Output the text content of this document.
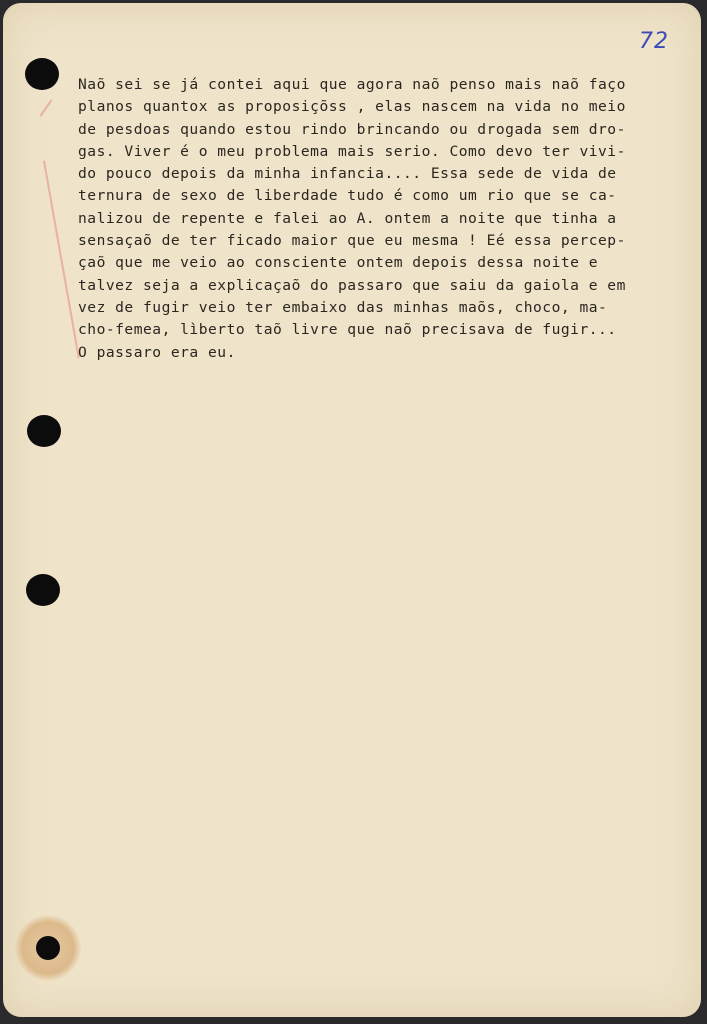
72
Naõ sei se já contei aqui que agora naõ penso mais naõ faço
planos quantox as proposiçõss , elas nascem na vida no meio
de pesdoas quando estou rindo brincando ou drogada sem dro-
gas. Viver é o meu problema mais serio. Como devo ter vivi-
do pouco depois da minha infancia.... Essa sede de vida de
ternura de sexo de liberdade tudo é como um rio que se ca-
nalizou de repente e falei ao A. ontem a noite que tinha a
sensaçaõ de ter ficado maior que eu mesma ! Eé essa percep-
çaõ que me veio ao consciente ontem depois dessa noite e
talvez seja a explicaçaõ do passaro que saiu da gaiola e em
vez de fugir veio ter embaixo das minhas maõs, choco, ma-
cho-femea, lìberto taõ livre que naõ precisava de fugir...
O passaro era eu.
